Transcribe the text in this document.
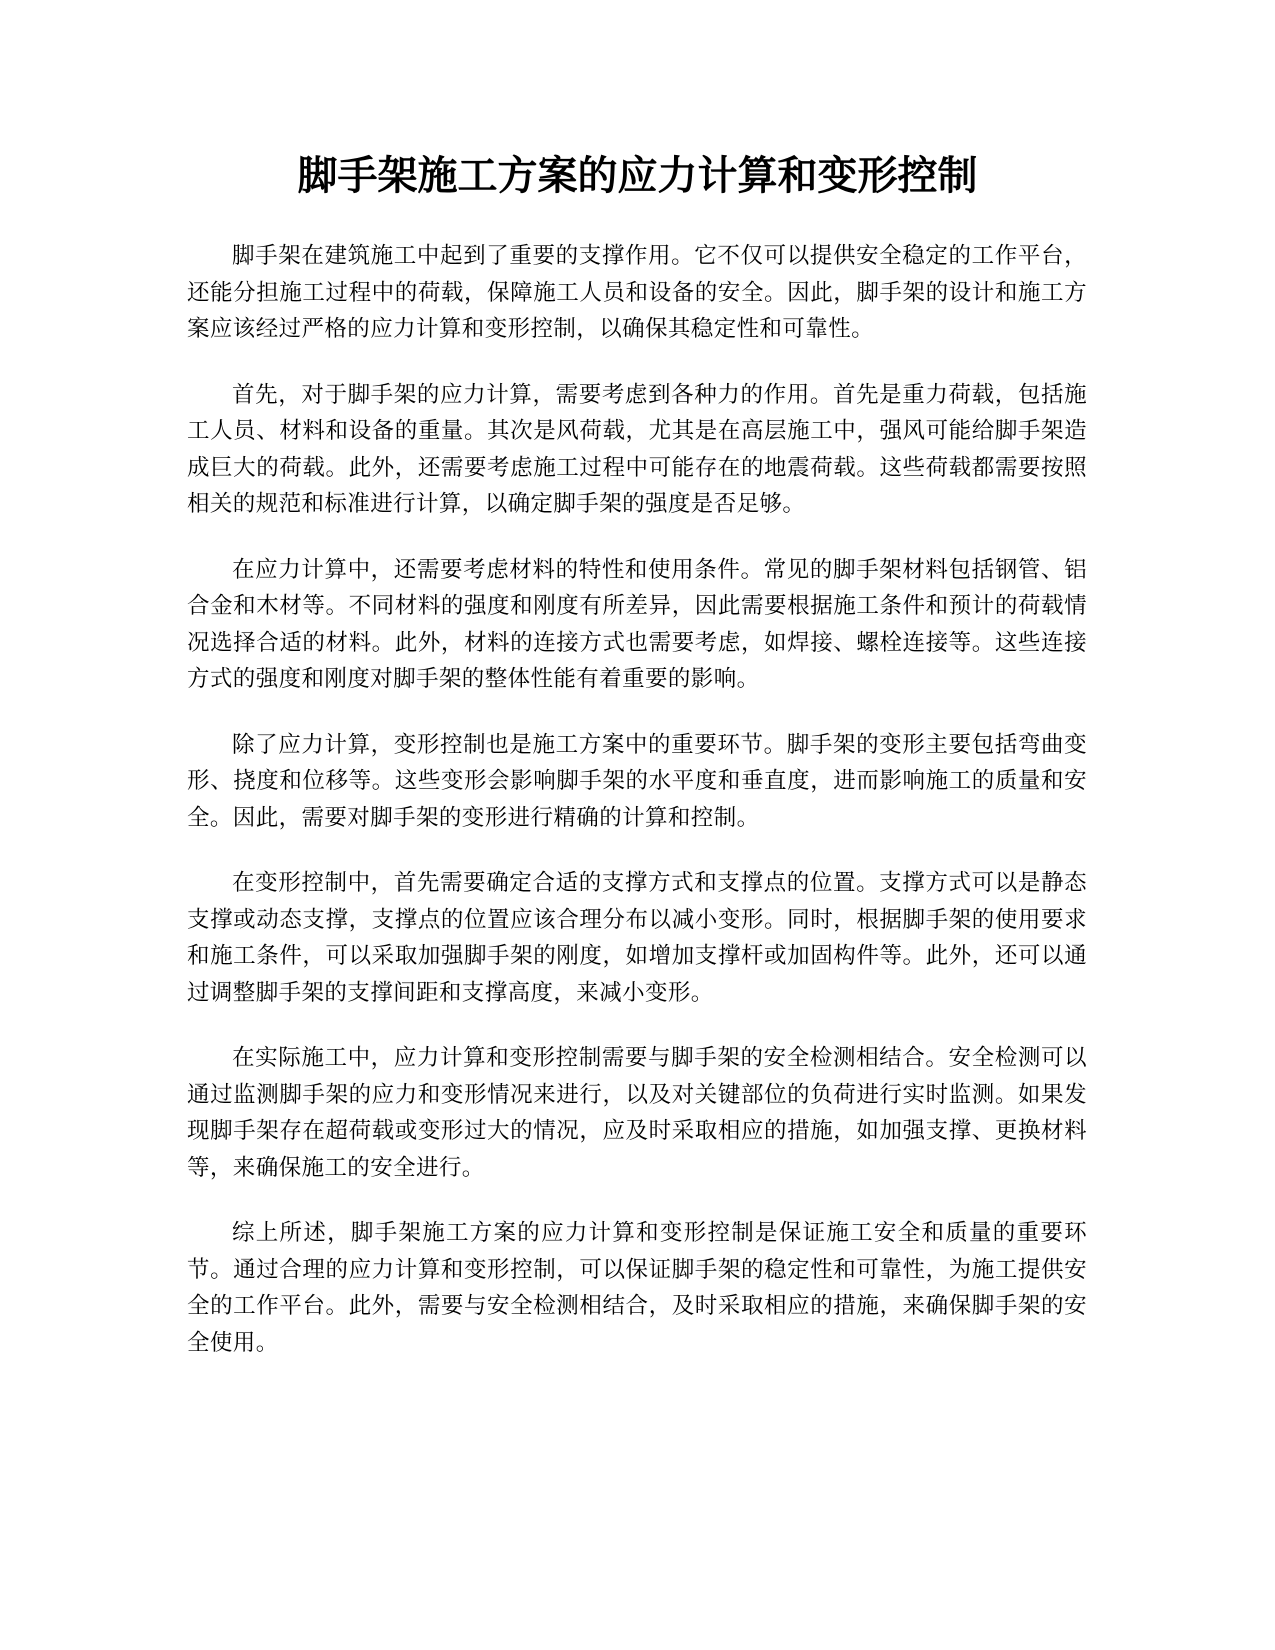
脚手架施工方案的应力计算和变形控制

脚手架在建筑施工中起到了重要的支撑作用。它不仅可以提供安全稳定的工作平台，还能分担施工过程中的荷载，保障施工人员和设备的安全。因此，脚手架的设计和施工方案应该经过严格的应力计算和变形控制，以确保其稳定性和可靠性。

首先，对于脚手架的应力计算，需要考虑到各种力的作用。首先是重力荷载，包括施工人员、材料和设备的重量。其次是风荷载，尤其是在高层施工中，强风可能给脚手架造成巨大的荷载。此外，还需要考虑施工过程中可能存在的地震荷载。这些荷载都需要按照相关的规范和标准进行计算，以确定脚手架的强度是否足够。

在应力计算中，还需要考虑材料的特性和使用条件。常见的脚手架材料包括钢管、铝合金和木材等。不同材料的强度和刚度有所差异，因此需要根据施工条件和预计的荷载情况选择合适的材料。此外，材料的连接方式也需要考虑，如焊接、螺栓连接等。这些连接方式的强度和刚度对脚手架的整体性能有着重要的影响。

除了应力计算，变形控制也是施工方案中的重要环节。脚手架的变形主要包括弯曲变形、挠度和位移等。这些变形会影响脚手架的水平度和垂直度，进而影响施工的质量和安全。因此，需要对脚手架的变形进行精确的计算和控制。

在变形控制中，首先需要确定合适的支撑方式和支撑点的位置。支撑方式可以是静态支撑或动态支撑，支撑点的位置应该合理分布以减小变形。同时，根据脚手架的使用要求和施工条件，可以采取加强脚手架的刚度，如增加支撑杆或加固构件等。此外，还可以通过调整脚手架的支撑间距和支撑高度，来减小变形。

在实际施工中，应力计算和变形控制需要与脚手架的安全检测相结合。安全检测可以通过监测脚手架的应力和变形情况来进行，以及对关键部位的负荷进行实时监测。如果发现脚手架存在超荷载或变形过大的情况，应及时采取相应的措施，如加强支撑、更换材料等，来确保施工的安全进行。

综上所述，脚手架施工方案的应力计算和变形控制是保证施工安全和质量的重要环节。通过合理的应力计算和变形控制，可以保证脚手架的稳定性和可靠性，为施工提供安全的工作平台。此外，需要与安全检测相结合，及时采取相应的措施，来确保脚手架的安全使用。
